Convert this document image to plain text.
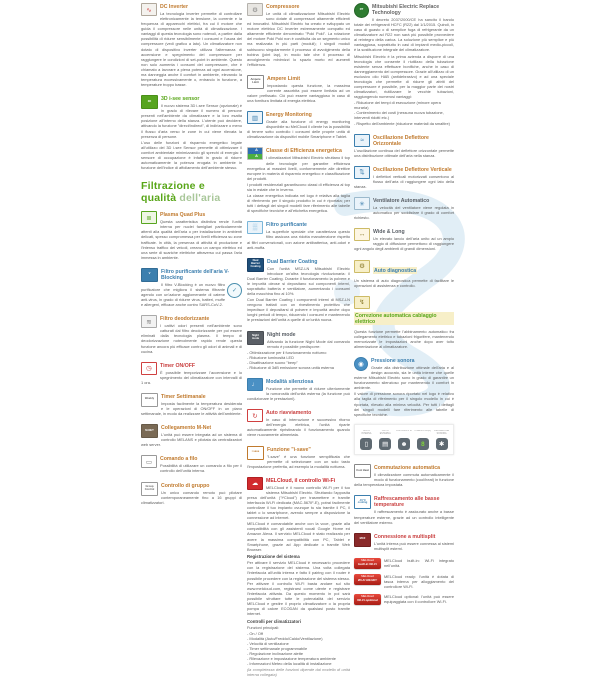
∿	DC Inverter

La tecnologia inverter permette di controllare elettronicamente la tensione, la corrente e la frequenza di apparecchi elettrici, fra cui il motore che guida il compressore nelle unità di climatizzazione. I vantaggi di questa tecnologia sono notevoli, a partire dalla possibilità di ridurre sensibilmente i consumi e l'usura del compressore (vedi grafico a lato). Un climatizzatore non dotato di dispositivo inverter utilizza l'alternanza di accensione e spegnimento del compressore per raggiungere le condizioni di set-point in ambiente. Questo non solo aumenta i consumi del compressore, che è chiamato a lavorare a piena potenza ad ogni accensione, ma danneggia anche il comfort in ambiente, elevando la temperatura eccessivamente o, entrando in funzione, a temperature troppo basse.

3D	3D i-see sensor

Il nuovo sistema 3D i-see Sensor (opzionale) è in grado di rilevare il numero di persone presenti nell'ambiente da climatizzare e la loro esatta posizione all'interno della stanza. L'utente può decidere, attivando la funzione "direct/indirect", di indirizzare o meno il flusso d'aria verso le zone in cui viene rilevata la presenza di persone.

L'uso delle funzioni di risparmio energetico legate all'utilizzo del 3D i-see Sensor permette di ottimizzare il comfort ambientale minimizzando gli sprechi di energia: il sensore di occupazione è infatti in grado di ridurre automaticamente la potenza erogata in ambiente in funzione dell'indice di affollamento dell'ambiente stesso.

Filtrazione e qualità dell'aria
≣	Plasma Quad Plus

Questa caratteristica distintiva rende l'unità interna per nuclei famigliari particolarmente attenti alla qualità dell'aria o per installazione in ambienti delicati, spesso compromessa per livelli efficienza su zone trafficate. In città, la presenza di attività di produzione e l'intenso traffico dei veicoli, creano un campo elettrico ed una serie di scariche elettriche attraverso cui passa l'aria immessa in ambiente.

V	Filtro purificante dell'aria V-Blocking
✓

Il filtro V-Blocking è un nuovo filtro purificatore che migliora il sistema filtrante agendo con un'azione agglomerante di catene anti-virus, in grado di ridurre virus, batteri, muffe e allergeni, efficace anche contro SARS-CoV-2.

≋	Filtro deodorizzante

I cattivi odori presenti nell'ambiente sono catturati dal filtro deodorizzante per poi essere eliminati dalla tecnologia plasma. Il tempo di deodorizzazione notevolmente rapido rende questa funzione ancora più efficace contro gli odori di animali e di cucina.

◷	Timer ON/OFF

È possibile temporizzare l'accensione e lo spegnimento del climatizzatore con intervalli di 1 ora.

Weekly	Timer Settimanale

Imposta facilmente la temperatura desiderata e le operazioni di ON/OFF in un piano settimanale, in modo da realizzare le attività dell'ambiente.

M-NET	Collegamento M-Net

L'unità può essere integrata ad un sistema di controllo MELANS e pilotata da centralizzatori web server.

▭	Comando a filo

Possibilità di utilizzare un comando a filo per il controllo dell'unità interna.

Group Control
Controllo di gruppo

Un unico comando remoto può pilotare contemporaneamente fino a 16 gruppi di climatizzatori.

⚙	Compressore

Le unità di climatizzazione Mitsubishi Electric sono dotate di compressori altamente efficienti ed innovativi. Mitsubishi Electric ha creato e sviluppato un motore elettrico DC Inverter estremamente compatto ed altamente efficiente denominato "Poki Poki". La rotazione del motore Poki Poki non è costituita da un segmento unico ma realizzata in più parti (moduli); i singoli moduli subiscono singolarmente il processo di avvolgimento della bobina (joint lap), in modo tale che il processo di avvolgimento minimizzi lo spazio morto ed aumenti l'efficienza.

Ampere Limit
Ampere Limit

Impostando questa funzione, la massima corrente assorbita può essere limitata ad un valore prefissato. Ciò può essere vantaggioso in caso di una fornitura limitata di energia elettrica.

▥	Energy Monitoring

Grazie alla funzione di energy monitoring disponibile su MelCloud il cliente ha la possibilità di tenere sotto controllo i consumi delle proprie unità di climatizzazione da dispositivi mobile Smartphone e Tablet.

A
A
Classe di Efficienza energetica

I climatizzatori Mitsubishi Electric sfruttano il top delle tecnologie per garantire efficienza energetica ai massimi livelli, conformemente alle direttive europee in materia di risparmio energetico e classificazione dei prodotti.

I prodotti residenziali garantiscono classi di efficienza al top sia in estate che in inverno.

La classe energetica indicata nel logo è relativa alla taglia di riferimento per il singolo prodotto in cui è riportata; per tutti i dettagli dei singoli modelli fare riferimento alle tabelle di specifiche tecniche e all'etichetta energetica.

▒	Filtro purificante

La superficie speciale che caratterizza questo filtro assicura una ridotta manutenzione rispetto ai filtri convenzionali, con azione antibatterica, anti-odori e anti-muffa.

Dual Barrier Coating
Dual Barrier Coating

Con l'unità MSZ-LN Mitsubishi Electric introduce un'altra tecnologia rivoluzionaria: il Dual Barrier Coating. Durante il funzionamento la polvere e le impurità oleose si depositano sui componenti interni, soprattutto batteria e ventilatore, aumentando i consumi della macchina fino al 10%.

Con Dual Barrier Coating i componenti interni di MSZ-LN vengono trattati con un rivestimento protettivo che impedisce il depositarsi di polvere e impurità anche dopo lunghi periodi di tempo, riducendo i consumi e mantenendo le prestazioni dell'unità a quelle di un'unità nuova.

Night mode
Night mode

Attivando la funzione Night Mode dal comando remoto è possibile predisporre:

- Ottimizzazione per il funzionamento notturno
- Riduzione luminosità LED
- Disattivazione suono "beep"
- Riduzione di 3dB emissione sonora unità esterna
♩	Modalità silenziosa

Funzione che permette di ridurre ulteriormente la rumorosità dell'unità esterna (la funzione può condizionare le prestazioni).

↻	Auto riavviamento

In caso di interruzione e successivo ritorno dell'energia elettrica, l'unità riparte automaticamente ripristinando il funzionamento quando viene nuovamente alimentata.

i save	Funzione "i-save"

"i-save" è una funzione semplificata che permette di selezionare con un solo tasto l'impostazione preferita, ad esempio la modalità notturna.

☁	MELCloud, il controllo Wi-Fi

MELCloud è il nuovo controllo Wi-Fi per il tuo sistema Mitsubishi Electric. Sfruttando l'apposita presa dell'unità ("i*Cloud") per trasmettere e tramite interfaccia Wi-Fi dedicata (MAC-567IF-E), potrai facilmente controllare il tuo impianto ovunque tu sia tramite il PC, il tablet o lo smartphone, avendo sempre a disposizione la connessione ad internet.

MELCloud è comandabile anche con la voce, grazie alla compatibilità con gli assistenti vocali Google Home ed Amazon Alexa. Il servizio MELCloud è stato realizzato per avere la massima compatibilità con PC, Tablet e Smartphone, grazie ad App dedicate o tramite Web Browser.

Registrazione del sistema

Per attivare il servizio MELCloud è necessario procedere con la registrazione del sistema. Una volta collegata l'interfaccia all'unità interna e fatto il pairing con il router è possibile procedere con la registrazione del sistema stesso. Per attivare il controllo Wi-Fi basta andare sul sito www.melcloud.com, registrarsi come utente e registrare l'interfaccia attivata. Da questo momento in poi sarà possibile sfruttare tutte le potenzialità del servizio MELCloud e gestire il proprio climatizzatore o la propria pompa di calore ECODAN da qualsiasi posto tramite internet.

Controlli per climatizzatori

Funzioni principali:

- On / Off
- Modalità (Auto/Freddo/Caldo/Ventilazione)
- Velocità di ventilazione
- Timer settimanale programmabile
- Regolazione inclinazione alette
- Rilevazione e impostazione temperatura ambiente
- Informazioni Meteo della località di installazione

(la completezza delle funzioni dipende dal modello di unità interna collegata)

RT	Mitsubishi Electric Replace Technology

Il decreto 2037/2000/CE ha sancito il bando totale dei refrigeranti HCFC (R22) dal 1/1/2015. Quindi, in caso di guasto o di semplice fuga di refrigerante da un climatizzatore ad R22 non sarà più possibile provvedere al reintegro della carica. La soluzione più semplice e più vantaggiosa, soprattutto in casi di impianti medio-piccoli, è la sostituzione integrale del climatizzatore.

Mitsubishi Electric è la prima azienda a disporre di una tecnologia che consente il riutilizzo della tubazione esistente senza effettuare bonifiche, anche in caso di danneggiamento del compressore. Grazie all'utilizzo di un esclusivo olio HAB (antidebrasivo) e ad una speciale tecnologia che permette di ridurre gli attriti del compressore è possibile, per la maggior parte dei nostri climatizzatori, riutilizzare le vecchie tubazioni, raggiungendo numerosi vantaggi:

- Riduzione dei tempi di esecuzione (minore opera muraria)
- Contenimento dei costi (nessuna nuova tubazione, interventi ridotti etc.)
- Rispetto dell'ambiente (riduzione materiali da smaltire)
≈	Oscillazione Deflettore Orizzontale

L'oscillazione continua del deflettore orizzontale permette una distribuzione ottimale dell'aria nella stanza.

⇅	Oscillazione Deflettore Verticale

I deflettori verticali motorizzati consentono al flusso dell'aria di raggiungere ogni lato della stanza.

✳	Ventilatore Automatico

La velocità del ventilatore viene regolata in automatico per soddisfare il grado di comfort richiesto.

↔	Wide & Long

Un elevato lancio dell'aria unito ad un ampio raggio di diffusione permettono di raggiungere ogni angolo degli ambienti di grandi dimensioni.

⚙
Auto diagnostica

Un sistema di auto diagnostica permette di facilitare le operazioni di assistenza e controllo.

↯
Correzione automatica cablaggio elettrico

Questa funzione permette l'abbinamento automatico fra collegamento elettrico e tubazioni frigorifere, mantenendo memorizzate le impostazioni anche dopo aver tolto alimentazione al climatizzatore.

◉	Pressione sonora

Grazie alla distribuzione ottimale dell'aria e al design accurato, sia le unità interne che quelle esterne Mitsubishi Electric sono in grado di garantire un funzionamento silenzioso pur mantenendo il comfort in ambiente.

Il valore di pressione sonora riportato nel logo è relativo alla taglia di riferimento per il singolo modello in cui è riportata, rilevato alla minima velocità. Per tutti i dettagli dei singoli modelli fare riferimento alle tabelle di specifiche tecniche.

UNITÀ INTERNA
▯
UNITÀ ESTERNA
▤
DISTANZA 1 M
☻
LIVELLO DB(A)
8
PERCEZIONE SONORA
✱
Cool Heat	Commutazione automatica

Il climatizzatore commuta automaticamente il modo di funzionamento (cool/heat) in funzione della temperatura impostata.

-15°C cooling
Raffrescamento alle basse temperature

Il raffrescamento è assicurato anche a basse temperature esterne, grazie ad un controllo intelligente del ventilatore esterno.

MXZ	Connessione a multisplit

L'unità interna può essere connessa ai sistemi multisplit esterni.

MELCloud
built-in Wi-Fi

MELCloud built-in: Wi-Fi integrato nell'unità.

MELCloud
Wi-Fi READY

MELCloud ready: l'unità è dotata di tasca interna per alloggiamento del controllore Wi-Fi.

MELCloud
Wi-Fi optional

MELCloud optional: l'unità può essere equipaggiata con il controllore Wi-Fi.
